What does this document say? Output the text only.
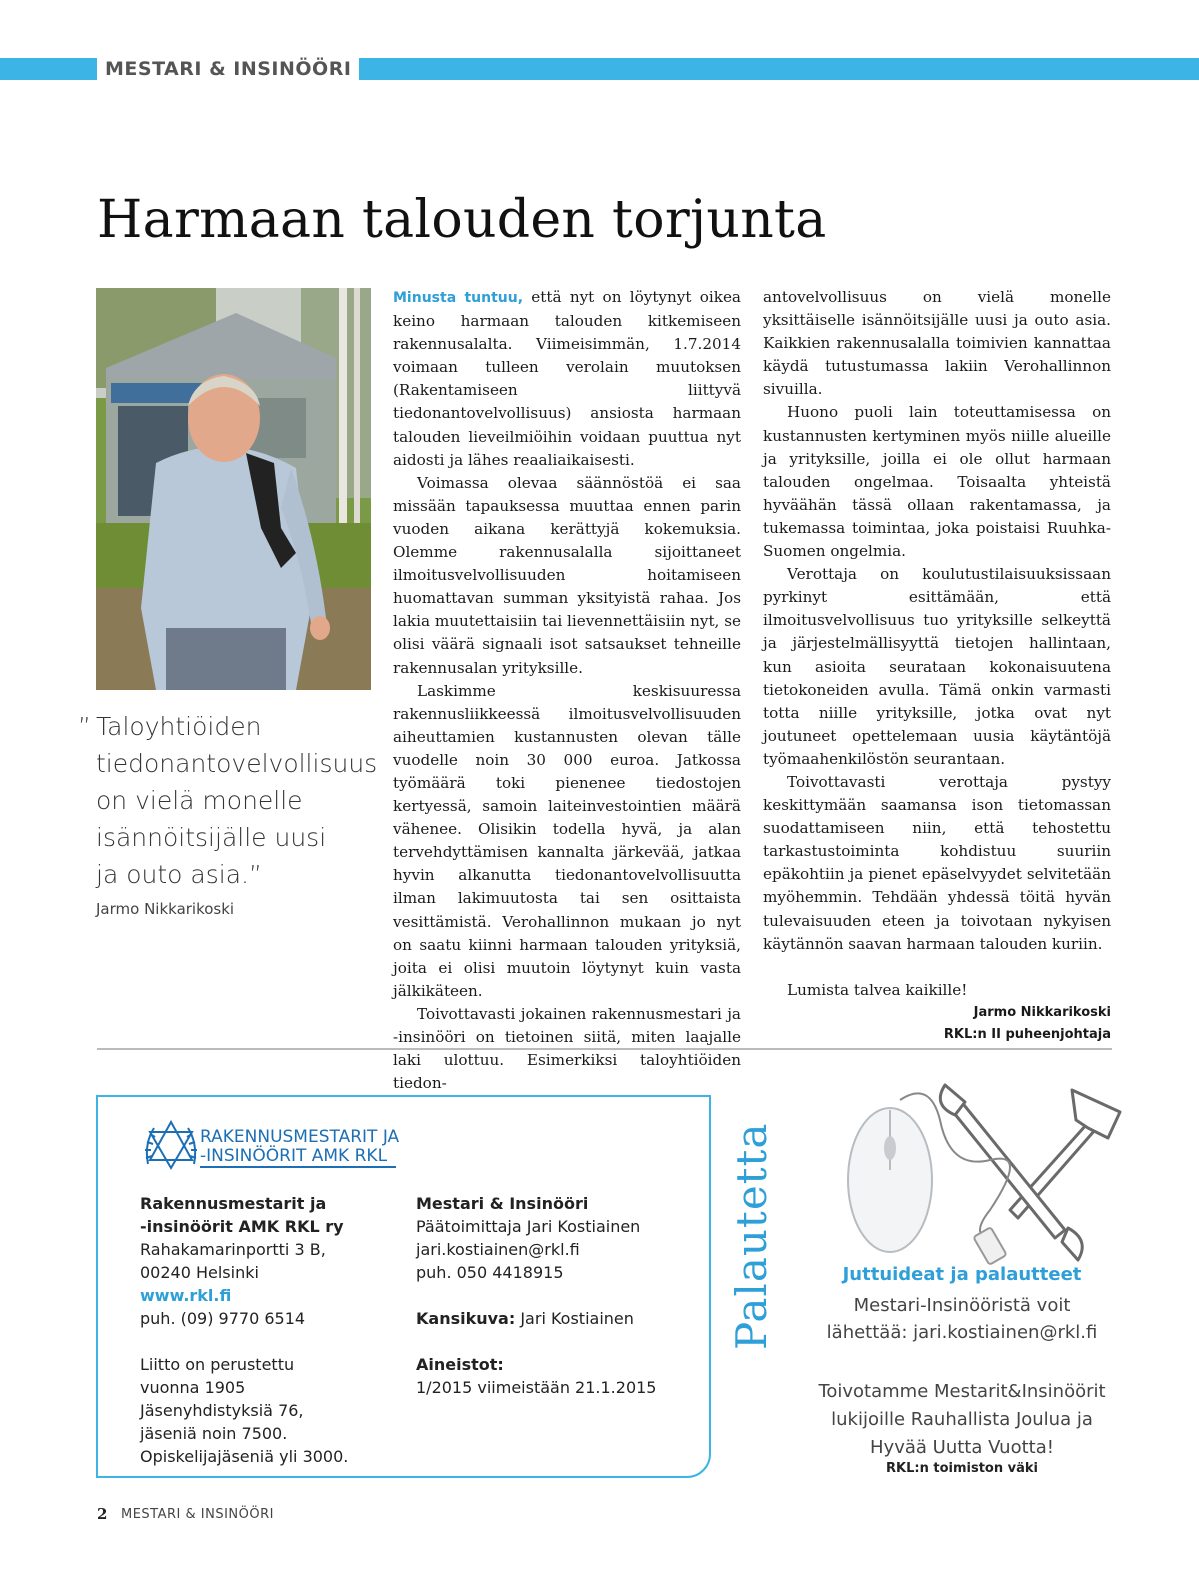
MESTARI & INSINÖÖRI
Harmaan talouden torjunta
” Taloyhtiöiden
tiedonantovelvollisuus
on vielä monelle
isännöitsijälle uusi
ja outo asia.”
Jarmo Nikkarikoski

Minusta tuntuu, että nyt on löytynyt oikea keino harmaan talouden kitkemiseen rakennusalalta. Viimeisimmän, 1.7.2014 voimaan tulleen verolain muutoksen (Rakentamiseen liittyvä tiedonantovelvollisuus) ansiosta harmaan talouden lieveilmiöihin voidaan puuttua nyt aidosti ja lähes reaaliaikaisesti.

Voimassa olevaa säännöstöä ei saa missään tapauksessa muuttaa ennen parin vuoden aikana kerättyjä kokemuksia. Olemme rakennusalalla sijoittaneet ilmoitusvelvollisuuden hoitamiseen huomattavan summan yksityistä rahaa. Jos lakia muutettaisiin tai lievennettäisiin nyt, se olisi väärä signaali isot satsaukset tehneille rakennusalan yrityksille.

Laskimme keskisuuressa rakennusliikkeessä ilmoitusvelvollisuuden aiheuttamien kustannusten olevan tälle vuodelle noin 30 000 euroa. Jatkossa työmäärä toki pienenee tiedostojen kertyessä, samoin laiteinvestointien määrä vähenee. Olisikin todella hyvä, ja alan tervehdyttämisen kannalta järkevää, jatkaa hyvin alkanutta tiedonantovelvollisuutta ilman lakimuutosta tai sen osittaista vesittämistä. Verohallinnon mukaan jo nyt on saatu kiinni harmaan talouden yrityksiä, joita ei olisi muutoin löytynyt kuin vasta jälkikäteen.

Toivottavasti jokainen rakennusmestari ja -insinööri on tietoinen siitä, miten laajalle laki ulottuu. Esimerkiksi taloyhtiöiden tiedon-

antovelvollisuus on vielä monelle yksittäiselle isännöitsijälle uusi ja outo asia. Kaikkien rakennusalalla toimivien kannattaa käydä tutustumassa lakiin Verohallinnon sivuilla.

Huono puoli lain toteuttamisessa on kustannusten kertyminen myös niille alueille ja yrityksille, joilla ei ole ollut harmaan talouden ongelmaa. Toisaalta yhteistä hyväähän tässä ollaan rakentamassa, ja tukemassa toimintaa, joka poistaisi Ruuhka-Suomen ongelmia.

Verottaja on koulutustilaisuuksissaan pyrkinyt esittämään, että ilmoitusvelvollisuus tuo yrityksille selkeyttä ja järjestelmällisyyttä tietojen hallintaan, kun asioita seurataan kokonaisuutena tietokoneiden avulla. Tämä onkin varmasti totta niille yrityksille, jotka ovat nyt joutuneet opettelemaan uusia käytäntöjä työmaahenkilöstön seurantaan.

Toivottavasti verottaja pystyy keskittymään saamansa ison tietomassan suodattamiseen niin, että tehostettu tarkastustoiminta kohdistuu suuriin epäkohtiin ja pienet epäselvyydet selvitetään myöhemmin. Tehdään yhdessä töitä hyvän tulevaisuuden eteen ja toivotaan nykyisen käytännön saavan harmaan talouden kuriin.

Lumista talvea kaikille!

Jarmo Nikkarikoski
RKL:n II puheenjohtaja
RAKENNUSMESTARIT JA
-INSINÖÖRIT AMK RKL
Rakennusmestarit ja
-insinöörit AMK RKL ry
Rahakamarinportti 3 B,
00240 Helsinki
www.rkl.fi
puh. (09) 9770 6514
Liitto on perustettu
vuonna 1905
Jäsenyhdistyksiä 76,
jäseniä noin 7500.
Opiskelijajäseniä yli 3000.
Mestari & Insinööri
Päätoimittaja Jari Kostiainen
jari.kostiainen@rkl.fi
puh. 050 4418915
Kansikuva: Jari Kostiainen
Aineistot:
1/2015 viimeistään 21.1.2015
Palautetta	Juttuideat ja palautteet
Mestari-Insinööristä voit
lähettää: jari.kostiainen@rkl.fi
Toivotamme Mestarit&Insinöörit
lukijoille Rauhallista Joulua ja
Hyvää Uutta Vuotta!
RKL:n toimiston väki
2 MESTARI & INSINÖÖRI
